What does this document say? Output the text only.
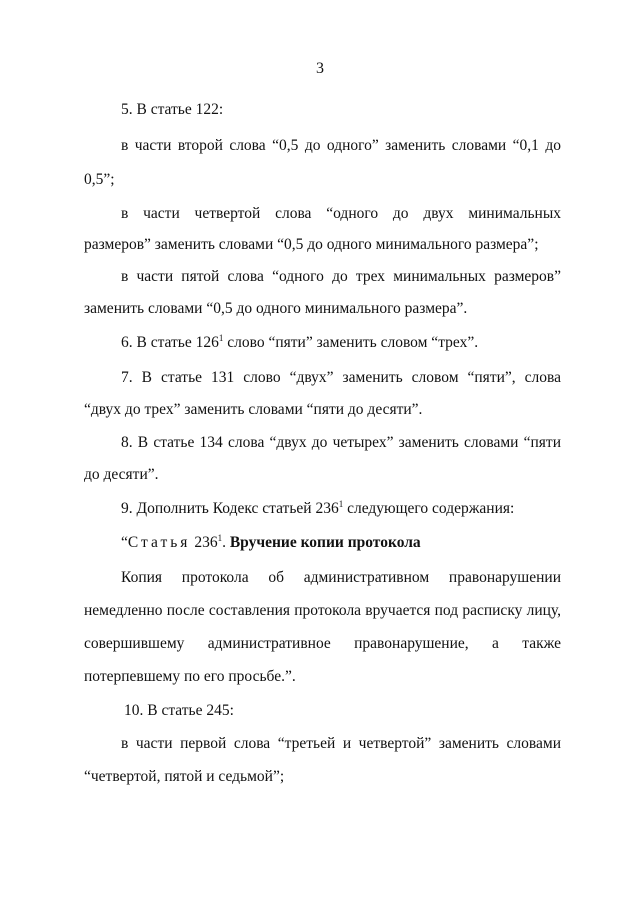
3
5. В статье 122:
в части второй слова “0,5 до одного” заменить словами “0,1 до
0,5”;
в части четвертой слова “одного до двух минимальных
размеров” заменить словами “0,5 до одного минимального размера”;
в части пятой слова “одного до трех минимальных размеров”
заменить словами “0,5 до одного минимального размера”.
6. В статье $126^1$ слово “пяти” заменить словом “трех”.
7. В статье 131 слово “двух” заменить словом “пяти”, слова
“двух до трех” заменить словами “пяти до десяти”.
8. В статье 134 слова “двух до четырех” заменить словами “пяти
до десяти”.
9. Дополнить Кодекс статьей $236^1$ следующего содержания:
“Статья $236^1$. Вручение копии протокола
Копия протокола об административном правонарушении
немедленно после составления протокола вручается под расписку лицу,
совершившему административное правонарушение, а также
потерпевшему по его просьбе.”.
10. В статье 245:
в части первой слова “третьей и четвертой” заменить словами
“четвертой, пятой и седьмой”;
